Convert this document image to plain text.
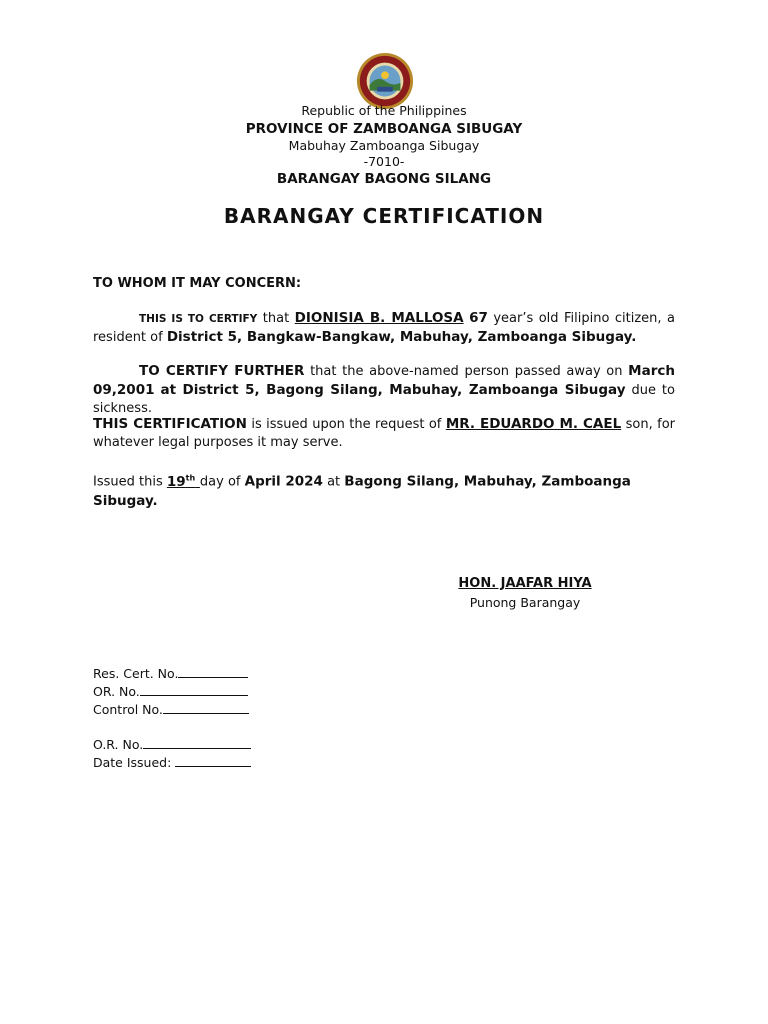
Republic of the Philippines
PROVINCE OF ZAMBOANGA SIBUGAY
Mabuhay Zamboanga Sibugay
-7010-
BARANGAY BAGONG SILANG
BARANGAY CERTIFICATION
TO WHOM IT MAY CONCERN:
THIS IS TO CERTIFY that DIONISIA B. MALLOSA 67 year’s old Filipino citizen, a resident of District 5, Bangkaw-Bangkaw, Mabuhay, Zamboanga Sibugay.
TO CERTIFY FURTHER that the above-named person passed away on March 09,2001 at District 5, Bagong Silang, Mabuhay, Zamboanga Sibugay due to sickness.
THIS CERTIFICATION is issued upon the request of MR. EDUARDO M. CAEL son, for whatever legal purposes it may serve.
Issued this 19th day of April 2024 at Bagong Silang, Mabuhay, Zamboanga Sibugay.
HON. JAAFAR HIYA
Punong Barangay
Res. Cert. No.
OR. No.
Control No.
O.R. No.
Date Issued:
